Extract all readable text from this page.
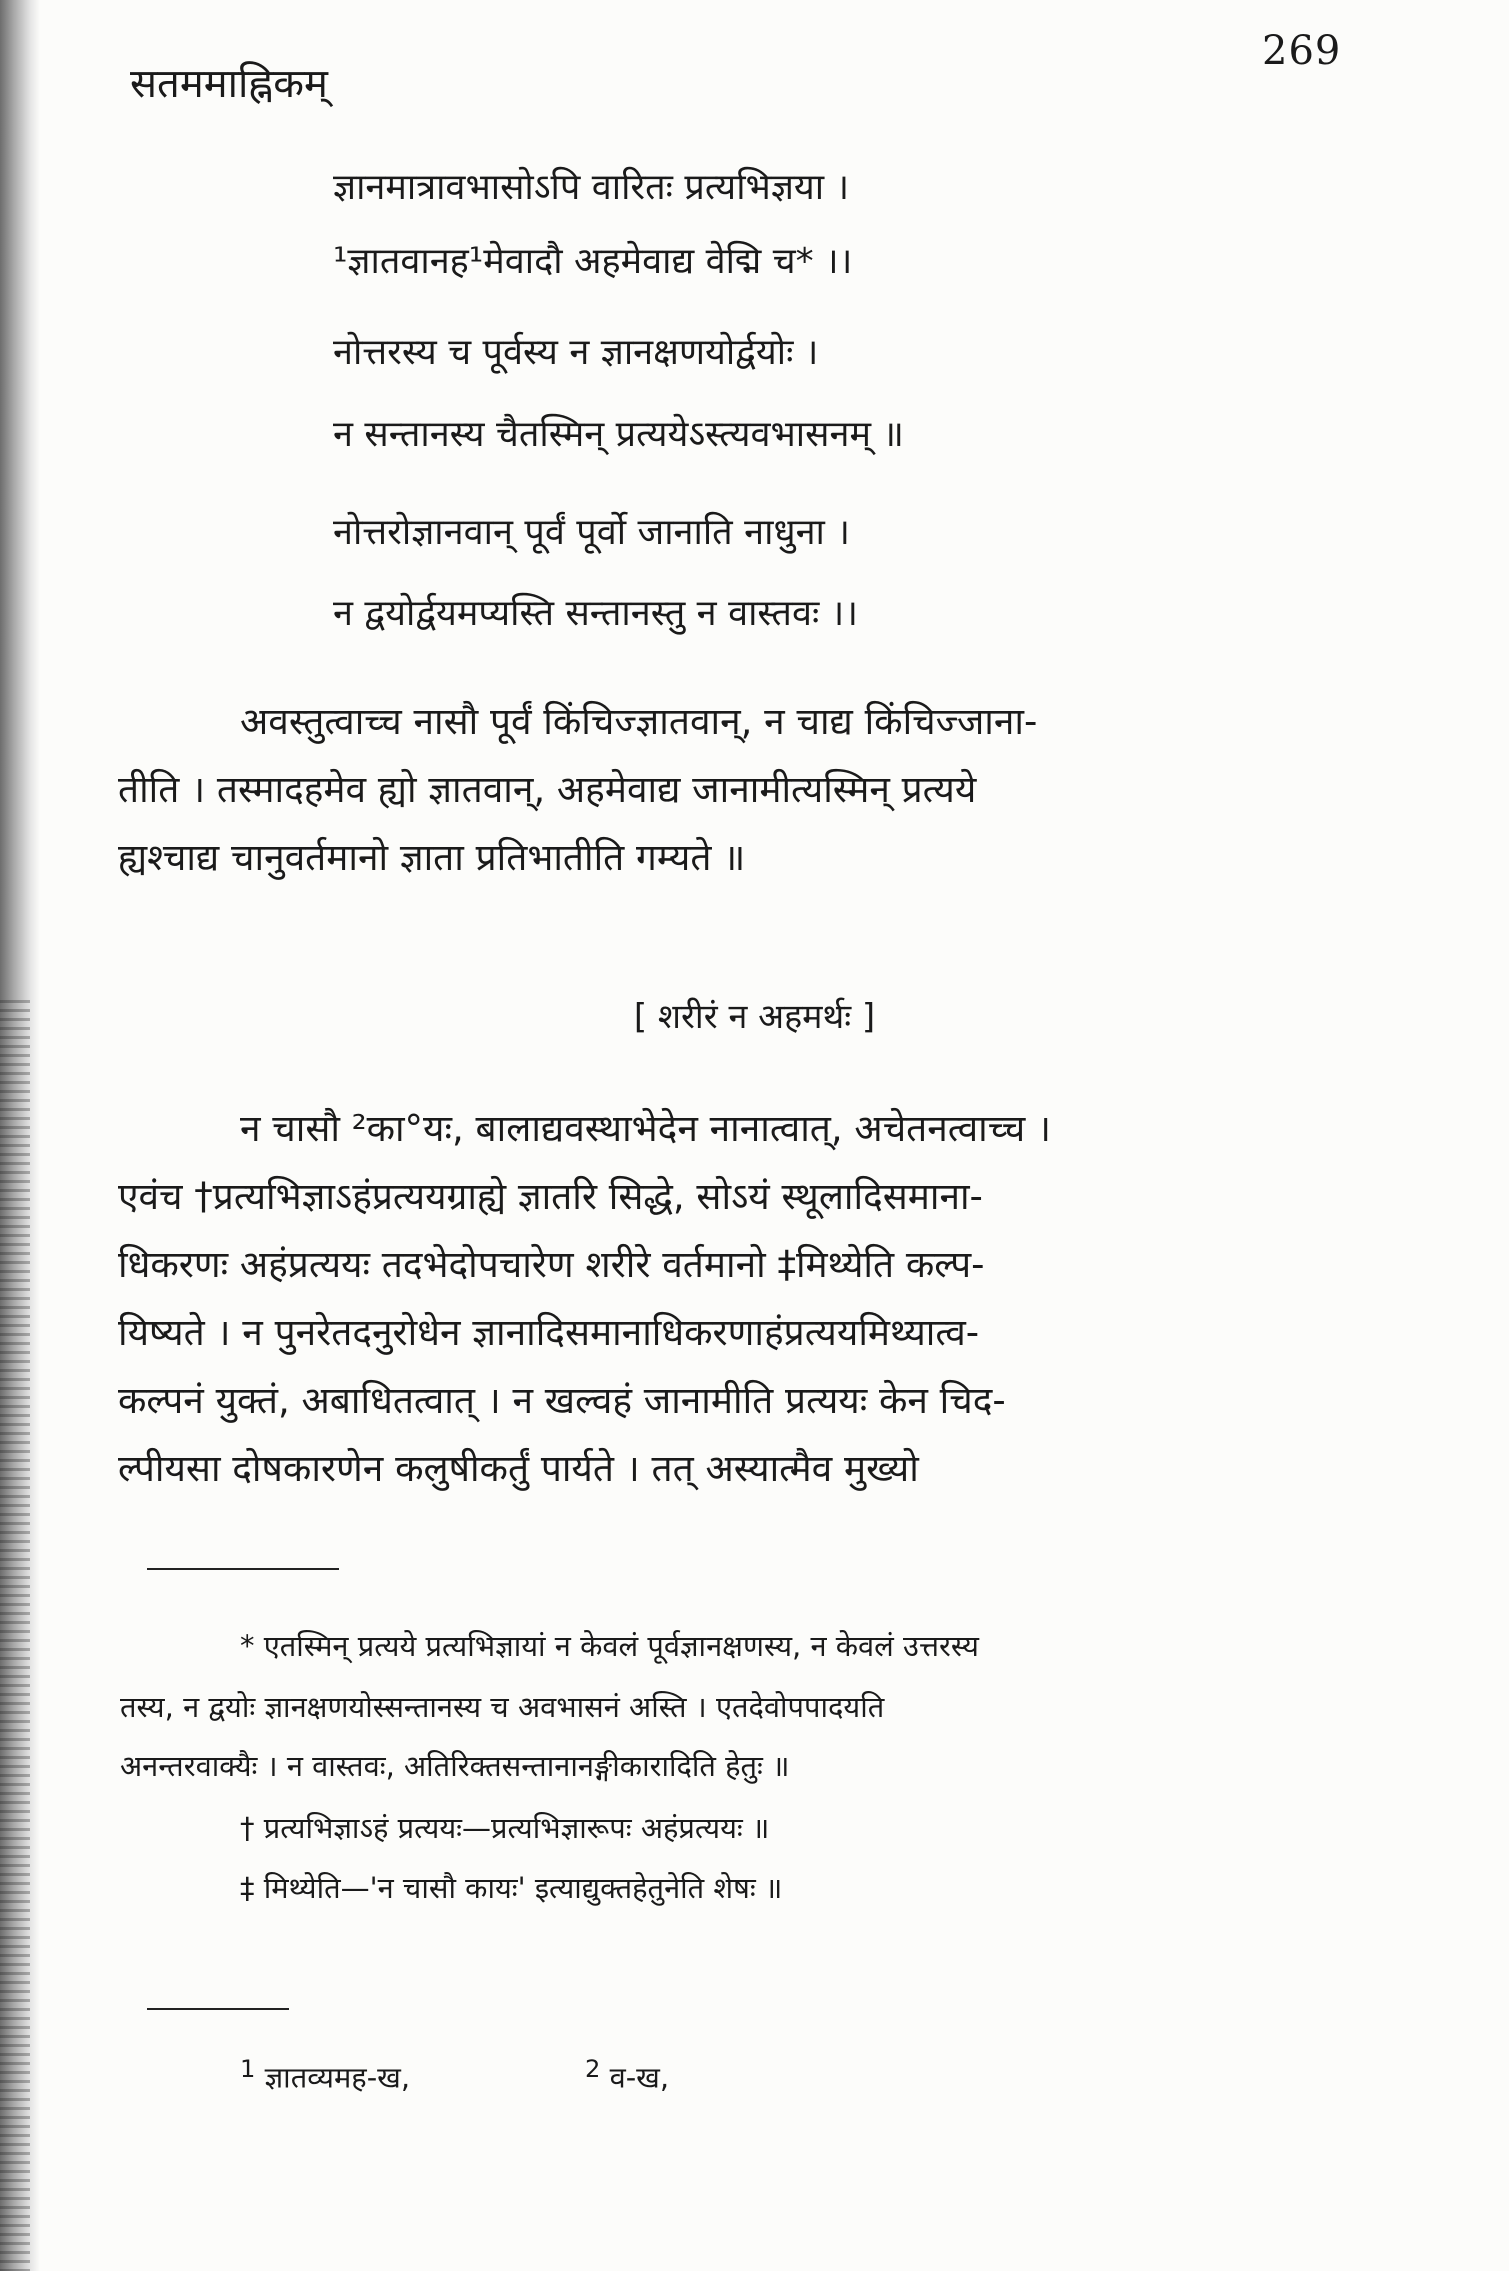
सतममाह्निकम्
269
ज्ञानमात्रावभासोऽपि वारितः प्रत्यभिज्ञया ।
¹ज्ञातवानह¹मेवादौ अहमेवाद्य वेद्मि च* ।।
नोत्तरस्य च पूर्वस्य न ज्ञानक्षणयोर्द्वयोः ।
न सन्तानस्य चैतस्मिन् प्रत्ययेऽस्त्यवभासनम् ॥
नोत्तरोज्ञानवान् पूर्वं पूर्वो जानाति नाधुना ।
न द्वयोर्द्वयमप्यस्ति सन्तानस्तु न वास्तवः ।।
अवस्तुत्वाच्च नासौ पूर्वं किंचिज्ज्ञातवान्, न चाद्य किंचिज्जाना-
तीति । तस्मादहमेव ह्यो ज्ञातवान्, अहमेवाद्य जानामीत्यस्मिन् प्रत्यये
ह्यश्चाद्य चानुवर्तमानो ज्ञाता प्रतिभातीति गम्यते ॥
[ शरीरं न अहमर्थः ]
न चासौ ²का°यः, बालाद्यवस्थाभेदेन नानात्वात्, अचेतनत्वाच्च ।
एवंच †प्रत्यभिज्ञाऽहंप्रत्ययग्राह्ये ज्ञातरि सिद्धे, सोऽयं स्थूलादिसमाना-
धिकरणः अहंप्रत्ययः तदभेदोपचारेण शरीरे वर्तमानो ‡मिथ्येति कल्प-
यिष्यते । न पुनरेतदनुरोधेन ज्ञानादिसमानाधिकरणाहंप्रत्ययमिथ्यात्व-
कल्पनं युक्तं, अबाधितत्वात् । न खल्वहं जानामीति प्रत्ययः केन चिद-
ल्पीयसा दोषकारणेन कलुषीकर्तुं पार्यते । तत् अस्यात्मैव मुख्यो
* एतस्मिन् प्रत्यये प्रत्यभिज्ञायां न केवलं पूर्वज्ञानक्षणस्य, न केवलं उत्तरस्य
तस्य, न द्वयोः ज्ञानक्षणयोस्सन्तानस्य च अवभासनं अस्ति । एतदेवोपपादयति
अनन्तरवाक्यैः । न वास्तवः, अतिरिक्तसन्तानानङ्गीकारादिति हेतुः ॥
† प्रत्यभिज्ञाऽहं प्रत्ययः—प्रत्यभिज्ञारूपः अहंप्रत्ययः ॥
‡ मिथ्येति—'न चासौ कायः' इत्याद्युक्तहेतुनेति शेषः ॥
$^1$ ज्ञातव्यमह-ख,	$^2$ व-ख,
